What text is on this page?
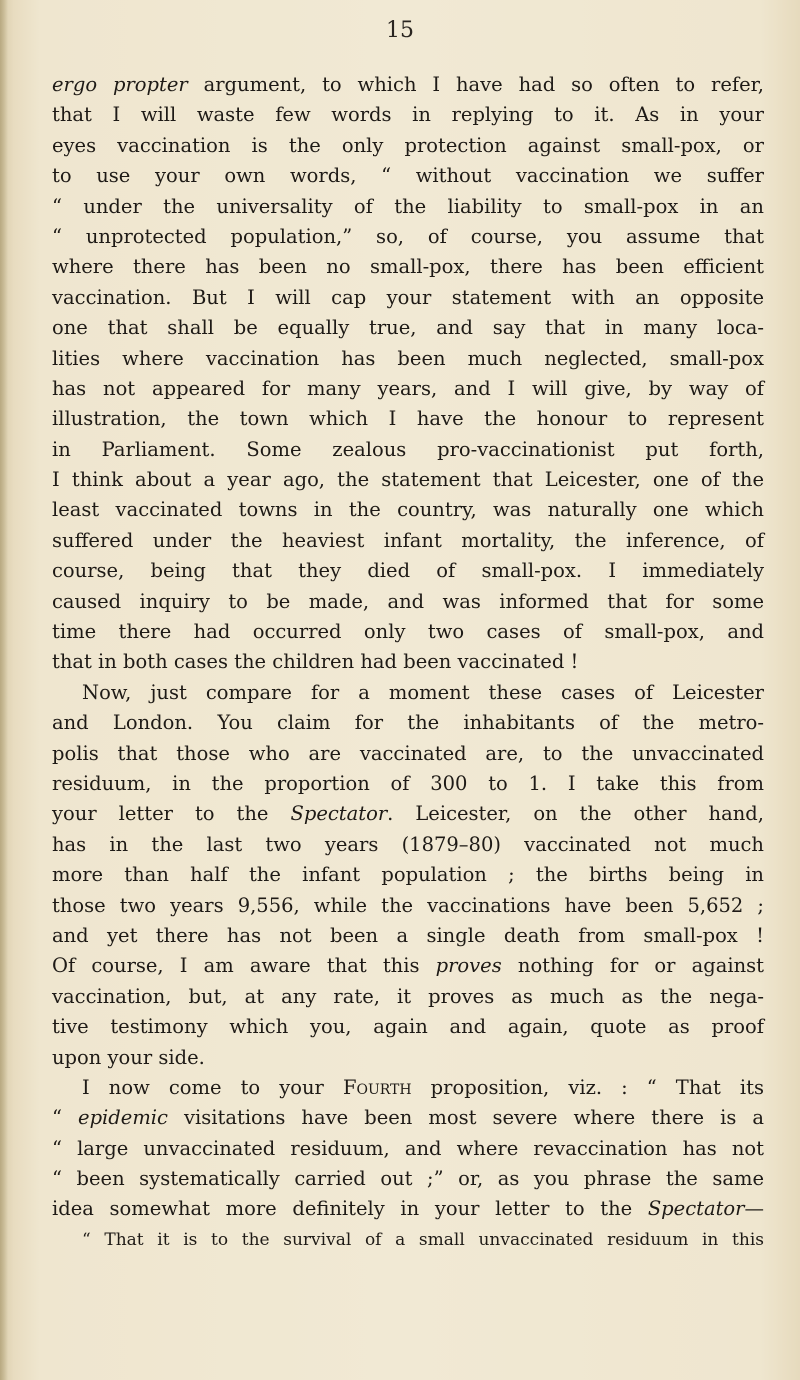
15
ergo propter argument, to which I have had so often to refer,
that I will waste few words in replying to it. As in your
eyes vaccination is the only protection against small-pox, or
to use your own words, “ without vaccination we suffer
“ under the universality of the liability to small-pox in an
“ unprotected population,” so, of course, you assume that
where there has been no small-pox, there has been efficient
vaccination. But I will cap your statement with an opposite
one that shall be equally true, and say that in many loca-
lities where vaccination has been much neglected, small-pox
has not appeared for many years, and I will give, by way of
illustration, the town which I have the honour to represent
in Parliament. Some zealous pro-vaccinationist put forth,
I think about a year ago, the statement that Leicester, one of the
least vaccinated towns in the country, was naturally one which
suffered under the heaviest infant mortality, the inference, of
course, being that they died of small-pox. I immediately
caused inquiry to be made, and was informed that for some
time there had occurred only two cases of small-pox, and
that in both cases the children had been vaccinated !
Now, just compare for a moment these cases of Leicester
and London. You claim for the inhabitants of the metro-
polis that those who are vaccinated are, to the unvaccinated
residuum, in the proportion of 300 to 1. I take this from
your letter to the Spectator. Leicester, on the other hand,
has in the last two years (1879–80) vaccinated not much
more than half the infant population ; the births being in
those two years 9,556, while the vaccinations have been 5,652 ;
and yet there has not been a single death from small-pox !
Of course, I am aware that this proves nothing for or against
vaccination, but, at any rate, it proves as much as the nega-
tive testimony which you, again and again, quote as proof
upon your side.
I now come to your Fourth proposition, viz. : “ That its
“ epidemic visitations have been most severe where there is a
“ large unvaccinated residuum, and where revaccination has not
“ been systematically carried out ;” or, as you phrase the same
idea somewhat more definitely in your letter to the Spectator—
“ That it is to the survival of a small unvaccinated residuum in this
